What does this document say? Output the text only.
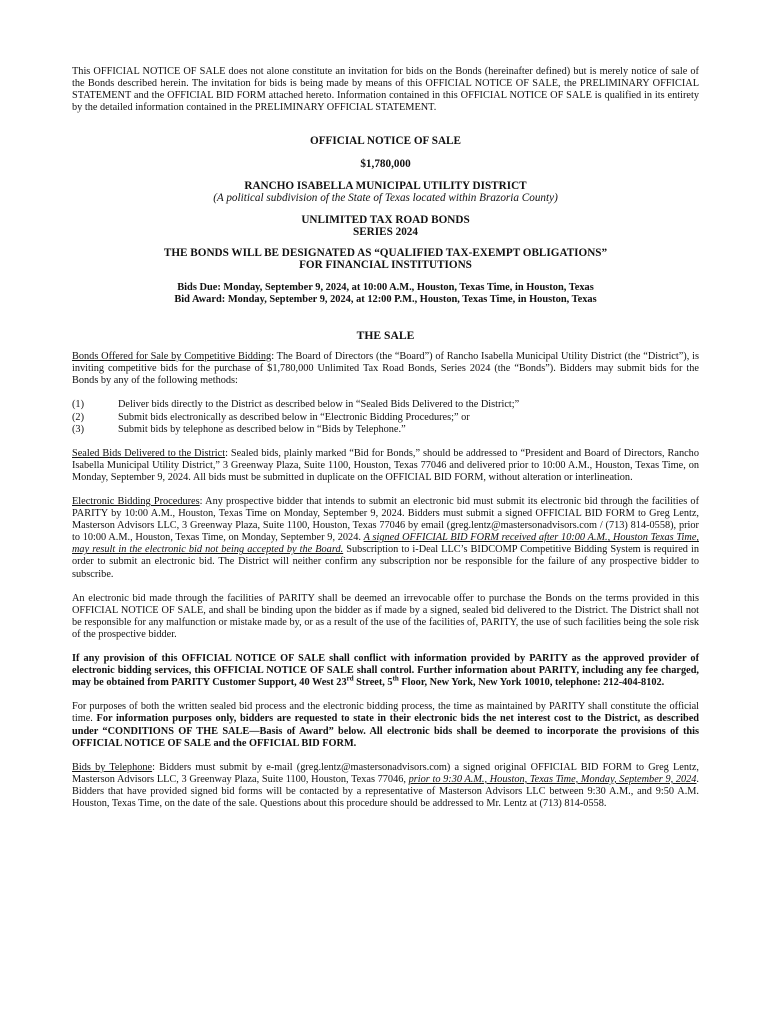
This OFFICIAL NOTICE OF SALE does not alone constitute an invitation for bids on the Bonds (hereinafter defined) but is merely notice of sale of the Bonds described herein. The invitation for bids is being made by means of this OFFICIAL NOTICE OF SALE, the PRELIMINARY OFFICIAL STATEMENT and the OFFICIAL BID FORM attached hereto. Information contained in this OFFICIAL NOTICE OF SALE is qualified in its entirety by the detailed information contained in the PRELIMINARY OFFICIAL STATEMENT.

OFFICIAL NOTICE OF SALE

$1,780,000

RANCHO ISABELLA MUNICIPAL UTILITY DISTRICT

(A political subdivision of the State of Texas located within Brazoria County)

UNLIMITED TAX ROAD BONDS

SERIES 2024

THE BONDS WILL BE DESIGNATED AS “QUALIFIED TAX-EXEMPT OBLIGATIONS”

FOR FINANCIAL INSTITUTIONS

Bids Due: Monday, September 9, 2024, at 10:00 A.M., Houston, Texas Time, in Houston, Texas

Bid Award: Monday, September 9, 2024, at 12:00 P.M., Houston, Texas Time, in Houston, Texas

THE SALE

Bonds Offered for Sale by Competitive Bidding: The Board of Directors (the “Board”) of Rancho Isabella Municipal Utility District (the “District”), is inviting competitive bids for the purchase of $1,780,000 Unlimited Tax Road Bonds, Series 2024 (the “Bonds”). Bidders may submit bids for the Bonds by any of the following methods:

(1)	Deliver bids directly to the District as described below in “Sealed Bids Delivered to the District;”
(2)	Submit bids electronically as described below in “Electronic Bidding Procedures;” or
(3)	Submit bids by telephone as described below in “Bids by Telephone.”

Sealed Bids Delivered to the District: Sealed bids, plainly marked “Bid for Bonds,” should be addressed to “President and Board of Directors, Rancho Isabella Municipal Utility District,” 3 Greenway Plaza, Suite 1100, Houston, Texas 77046 and delivered prior to 10:00 A.M., Houston, Texas Time, on Monday, September 9, 2024. All bids must be submitted in duplicate on the OFFICIAL BID FORM, without alteration or interlineation.

Electronic Bidding Procedures: Any prospective bidder that intends to submit an electronic bid must submit its electronic bid through the facilities of PARITY by 10:00 A.M., Houston, Texas Time on Monday, September 9, 2024. Bidders must submit a signed OFFICIAL BID FORM to Greg Lentz, Masterson Advisors LLC, 3 Greenway Plaza, Suite 1100, Houston, Texas 77046 by email (greg.lentz@mastersonadvisors.com / (713) 814-0558), prior to 10:00 A.M., Houston, Texas Time, on Monday, September 9, 2024. A signed OFFICIAL BID FORM received after 10:00 A.M., Houston Texas Time, may result in the electronic bid not being accepted by the Board. Subscription to i-Deal LLC’s BIDCOMP Competitive Bidding System is required in order to submit an electronic bid. The District will neither confirm any subscription nor be responsible for the failure of any prospective bidder to subscribe.

An electronic bid made through the facilities of PARITY shall be deemed an irrevocable offer to purchase the Bonds on the terms provided in this OFFICIAL NOTICE OF SALE, and shall be binding upon the bidder as if made by a signed, sealed bid delivered to the District. The District shall not be responsible for any malfunction or mistake made by, or as a result of the use of the facilities of, PARITY, the use of such facilities being the sole risk of the prospective bidder.

If any provision of this OFFICIAL NOTICE OF SALE shall conflict with information provided by PARITY as the approved provider of electronic bidding services, this OFFICIAL NOTICE OF SALE shall control. Further information about PARITY, including any fee charged, may be obtained from PARITY Customer Support, 40 West 23rd Street, 5th Floor, New York, New York 10010, telephone: 212-404-8102.

For purposes of both the written sealed bid process and the electronic bidding process, the time as maintained by PARITY shall constitute the official time. For information purposes only, bidders are requested to state in their electronic bids the net interest cost to the District, as described under “CONDITIONS OF THE SALE—Basis of Award” below. All electronic bids shall be deemed to incorporate the provisions of this OFFICIAL NOTICE OF SALE and the OFFICIAL BID FORM.

Bids by Telephone: Bidders must submit by e-mail (greg.lentz@mastersonadvisors.com) a signed original OFFICIAL BID FORM to Greg Lentz, Masterson Advisors LLC, 3 Greenway Plaza, Suite 1100, Houston, Texas 77046, prior to 9:30 A.M., Houston, Texas Time, Monday, September 9, 2024. Bidders that have provided signed bid forms will be contacted by a representative of Masterson Advisors LLC between 9:30 A.M., and 9:50 A.M. Houston, Texas Time, on the date of the sale. Questions about this procedure should be addressed to Mr. Lentz at (713) 814-0558.
